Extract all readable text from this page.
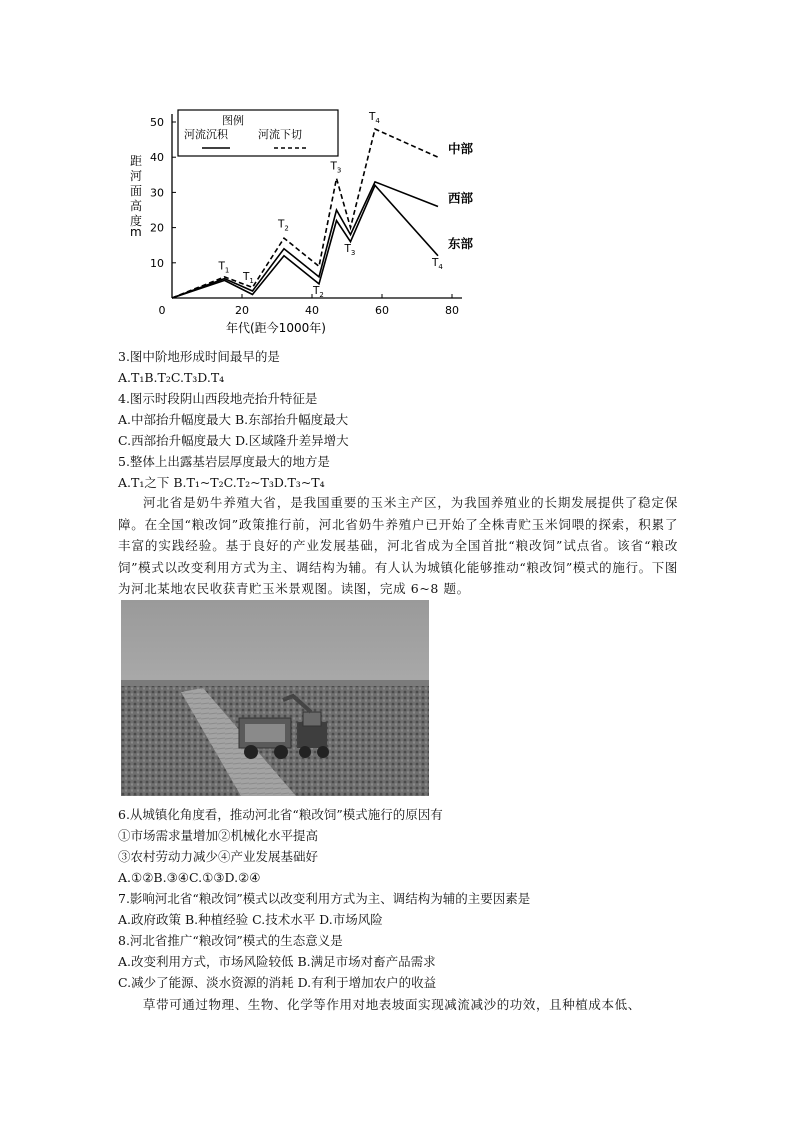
0	20	40	60	80
10
20
30
40
50
中部
西部
东部
$T_1$
$T_1$
$T_2$
$T_2$
$T_3$
$T_3$
$T_4$
$T_4$
图例
河流沉积	河流下切
距河面高度 m
年代(距今1000年)
3.图中阶地形成时间最早的是
A.T₁B.T₂C.T₃D.T₄
4.图示时段阴山西段地壳抬升特征是
A.中部抬升幅度最大 B.东部抬升幅度最大
C.西部抬升幅度最大 D.区域隆升差异增大
5.整体上出露基岩层厚度最大的地方是
A.T₁之下 B.T₁~T₂C.T₂~T₃D.T₃~T₄
河北省是奶牛养殖大省，是我国重要的玉米主产区，为我国养殖业的长期发展提供了稳定保障。在全国“粮改饲”政策推行前，河北省奶牛养殖户已开始了全株青贮玉米饲喂的探索，积累了丰富的实践经验。基于良好的产业发展基础，河北省成为全国首批“粮改饲”试点省。该省“粮改饲”模式以改变利用方式为主、调结构为辅。有人认为城镇化能够推动“粮改饲”模式的施行。下图为河北某地农民收获青贮玉米景观图。读图，完成 6~8 题。
6.从城镇化角度看，推动河北省“粮改饲”模式施行的原因有
①市场需求量增加②机械化水平提高
③农村劳动力减少④产业发展基础好
A.①②B.③④C.①③D.②④
7.影响河北省“粮改饲”模式以改变利用方式为主、调结构为辅的主要因素是
A.政府政策 B.种植经验 C.技术水平 D.市场风险
8.河北省推广“粮改饲”模式的生态意义是
A.改变利用方式，市场风险较低 B.满足市场对畜产品需求
C.减少了能源、淡水资源的消耗 D.有利于增加农户的收益
草带可通过物理、生物、化学等作用对地表坡面实现减流减沙的功效，且种植成本低、
